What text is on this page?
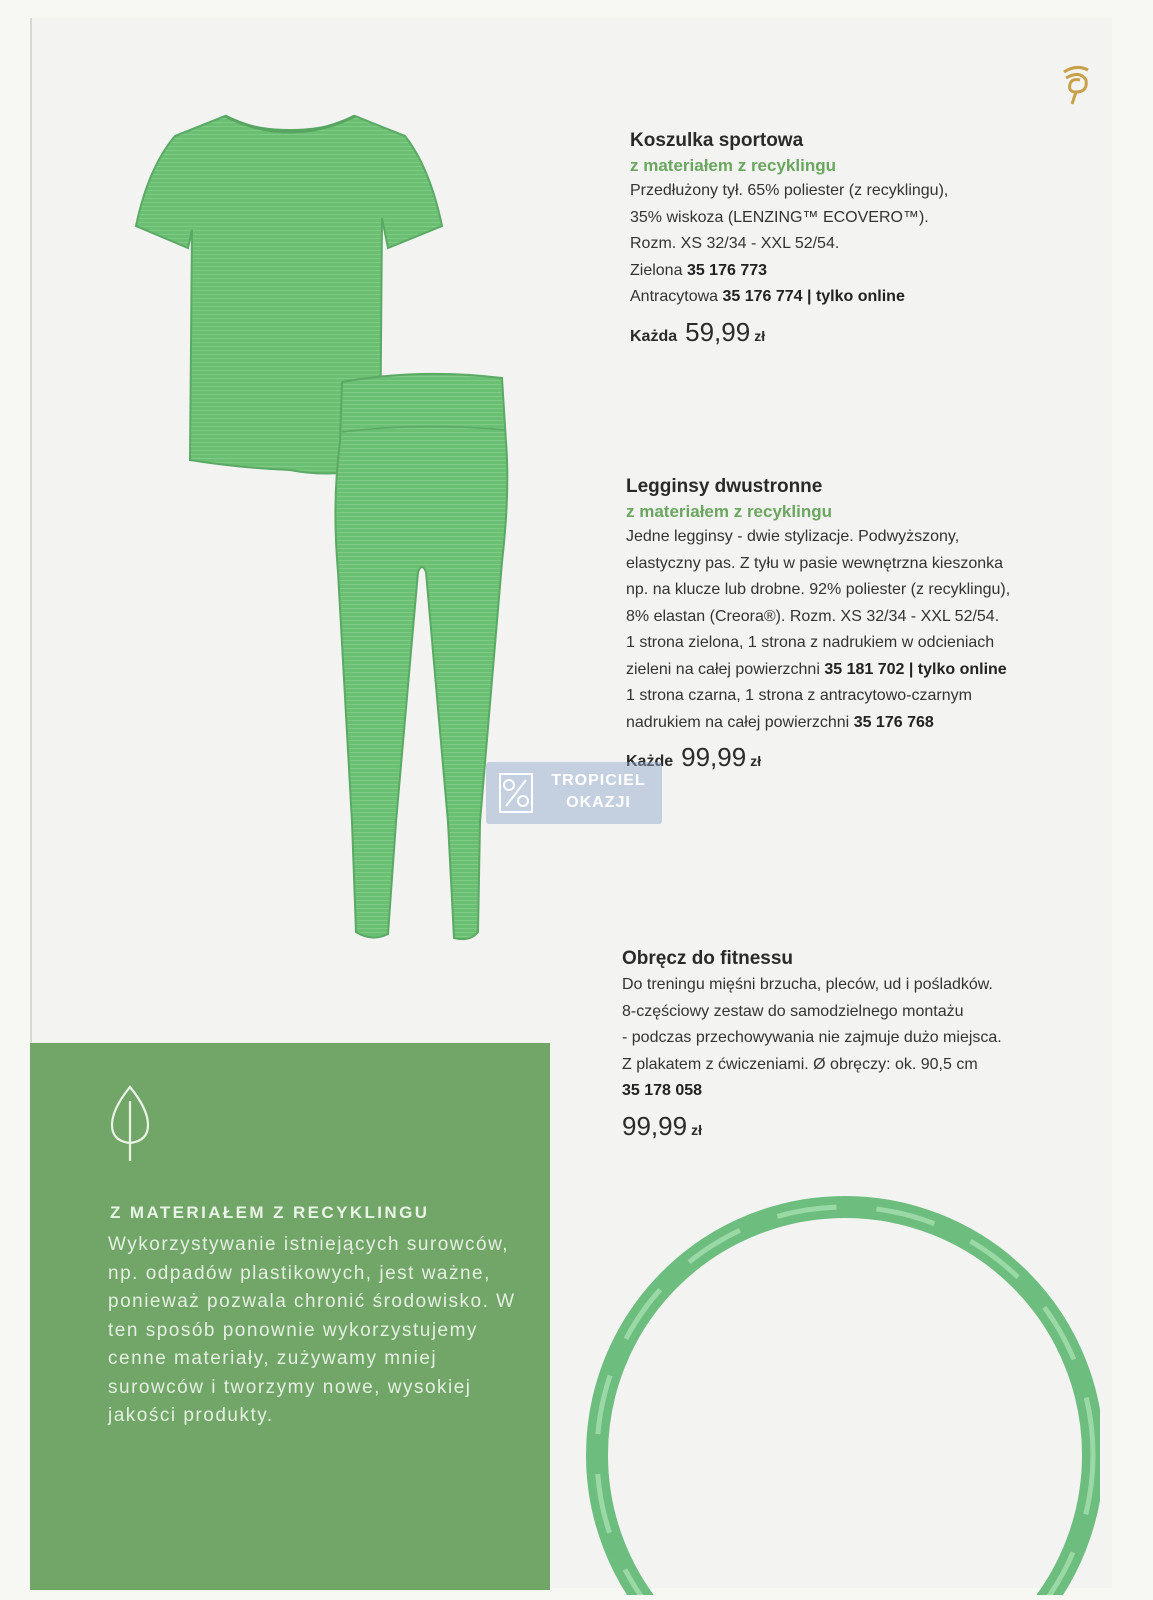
Koszulka sportowa

z materiałem z recyklingu

Przedłużony tył. 65% poliester (z recyklingu),

35% wiskoza (LENZING™ ECOVERO™).

Rozm. XS 32/34 - XXL 52/54.

Zielona 35 176 773

Antracytowa 35 176 774 | tylko online

Każda 59,99 zł

Legginsy dwustronne

z materiałem z recyklingu

Jedne legginsy - dwie stylizacje. Podwyższony,

elastyczny pas. Z tyłu w pasie wewnętrzna kieszonka

np. na klucze lub drobne. 92% poliester (z recyklingu),

8% elastan (Creora®). Rozm. XS 32/34 - XXL 52/54.

1 strona zielona, 1 strona z nadrukiem w odcieniach

zieleni na całej powierzchni 35 181 702 | tylko online

1 strona czarna, 1 strona z antracytowo-czarnym

nadrukiem na całej powierzchni 35 176 768

Każde 99,99 zł

Obręcz do fitnessu

Do treningu mięśni brzucha, pleców, ud i pośladków.

8-częściowy zestaw do samodzielnego montażu

- podczas przechowywania nie zajmuje dużo miejsca.

Z plakatem z ćwiczeniami. Ø obręczy: ok. 90,5 cm

35 178 058

99,99 zł

Z MATERIAŁEM Z RECYKLINGU

Wykorzystywanie istniejących surowców, np. odpadów plastikowych, jest ważne, ponieważ pozwala chronić środowisko. W ten sposób ponownie wykorzystujemy cenne materiały, zużywamy mniej surowców i tworzymy nowe, wysokiej jakości produkty.

TROPICIEL
OKAZJI
